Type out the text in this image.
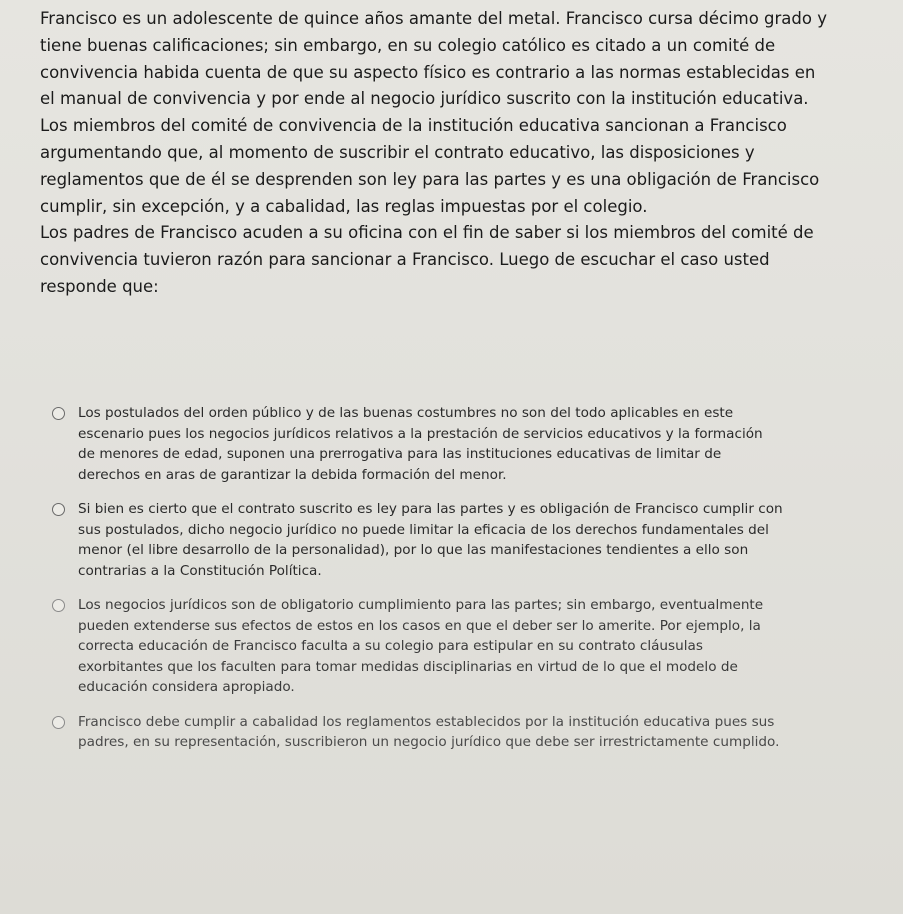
Francisco es un adolescente de quince años amante del metal. Francisco cursa décimo grado y
tiene buenas calificaciones; sin embargo, en su colegio católico es citado a un comité de
convivencia habida cuenta de que su aspecto físico es contrario a las normas establecidas en
el manual de convivencia y por ende al negocio jurídico suscrito con la institución educativa.
Los miembros del comité de convivencia de la institución educativa sancionan a Francisco
argumentando que, al momento de suscribir el contrato educativo, las disposiciones y
reglamentos que de él se desprenden son ley para las partes y es una obligación de Francisco
cumplir, sin excepción, y a cabalidad, las reglas impuestas por el colegio.
Los padres de Francisco acuden a su oficina con el fin de saber si los miembros del comité de
convivencia tuvieron razón para sancionar a Francisco. Luego de escuchar el caso usted
responde que:
Los postulados del orden público y de las buenas costumbres no son del todo aplicables en este
escenario pues los negocios jurídicos relativos a la prestación de servicios educativos y la formación
de menores de edad, suponen una prerrogativa para las instituciones educativas de limitar de
derechos en aras de garantizar la debida formación del menor.
Si bien es cierto que el contrato suscrito es ley para las partes y es obligación de Francisco cumplir con
sus postulados, dicho negocio jurídico no puede limitar la eficacia de los derechos fundamentales del
menor (el libre desarrollo de la personalidad), por lo que las manifestaciones tendientes a ello son
contrarias a la Constitución Política.
Los negocios jurídicos son de obligatorio cumplimiento para las partes; sin embargo, eventualmente
pueden extenderse sus efectos de estos en los casos en que el deber ser lo amerite. Por ejemplo, la
correcta educación de Francisco faculta a su colegio para estipular en su contrato cláusulas
exorbitantes que los faculten para tomar medidas disciplinarias en virtud de lo que el modelo de
educación considera apropiado.
Francisco debe cumplir a cabalidad los reglamentos establecidos por la institución educativa pues sus
padres, en su representación, suscribieron un negocio jurídico que debe ser irrestrictamente cumplido.
